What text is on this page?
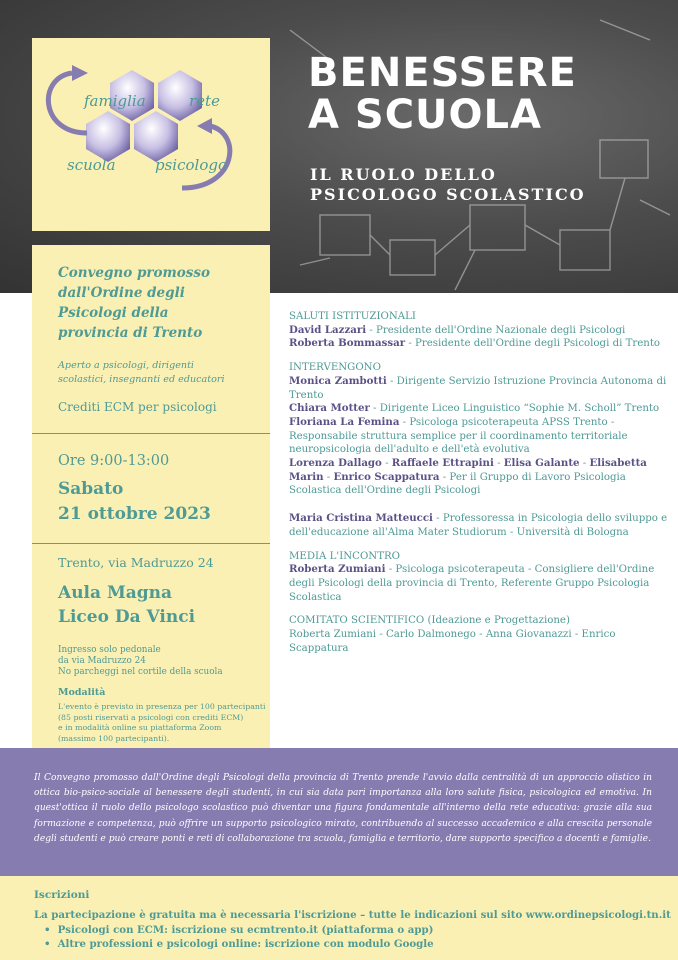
BENESSERE
A SCUOLA
IL RUOLO DELLO
PSICOLOGO SCOLASTICO
famiglia	rete
scuola	psicologo
Convegno promosso
dall'Ordine degli
Psicologi della
provincia di Trento
Aperto a psicologi, dirigenti
scolastici, insegnanti ed educatori
Crediti ECM per psicologi
Ore 9:00-13:00
Sabato
21 ottobre 2023
Trento, via Madruzzo 24
Aula Magna
Liceo Da Vinci
Ingresso solo pedonale
da via Madruzzo 24
No parcheggi nel cortile della scuola
Modalità
L'evento è previsto in presenza per 100 partecipanti
(85 posti riservati a psicologi con crediti ECM)
e in modalità online su piattaforma Zoom
(massimo 100 partecipanti).

SALUTI ISTITUZIONALI

David Lazzari - Presidente dell'Ordine Nazionale degli Psicologi

Roberta Bommassar - Presidente dell'Ordine degli Psicologi di Trento

INTERVENGONO

Monica Zambotti - Dirigente Servizio Istruzione Provincia Autonoma di Trento

Chiara Motter - Dirigente Liceo Linguistico “Sophie M. Scholl” Trento

Floriana La Femina - Psicologa psicoterapeuta APSS Trento - Responsabile struttura semplice per il coordinamento territoriale neuropsicologia dell'adulto e dell'età evolutiva

Lorenza Dallago - Raffaele Ettrapini - Elisa Galante - Elisabetta Marin - Enrico Scappatura - Per il Gruppo di Lavoro Psicologia Scolastica dell'Ordine degli Psicologi

Maria Cristina Matteucci - Professoressa in Psicologia dello sviluppo e dell'educazione all'Alma Mater Studiorum - Università di Bologna

MEDIA L'INCONTRO

Roberta Zumiani - Psicologa psicoterapeuta - Consigliere dell'Ordine degli Psicologi della provincia di Trento, Referente Gruppo Psicologia Scolastica

COMITATO SCIENTIFICO (Ideazione e Progettazione)

Roberta Zumiani - Carlo Dalmonego - Anna Giovanazzi - Enrico Scappatura

Il Convegno promosso dall'Ordine degli Psicologi della provincia di Trento prende l'avvio dalla centralità di un approccio olistico in ottica bio-psico-sociale al benessere degli studenti, in cui sia data pari importanza alla loro salute fisica, psicologica ed emotiva. In quest'ottica il ruolo dello psicologo scolastico può diventar una figura fondamentale all'interno della rete educativa: grazie alla sua formazione e competenza, può offrire un supporto psicologico mirato, contribuendo al successo accademico e alla crescita personale degli studenti e può creare ponti e reti di collaborazione tra scuola, famiglia e territorio, dare supporto specifico a docenti e famiglie.
Iscrizioni
La partecipazione è gratuita ma è necessaria l'iscrizione – tutte le indicazioni sul sito www.ordinepsicologi.tn.it
•  Psicologi con ECM: iscrizione su ecmtrento.it (piattaforma o app)
•  Altre professioni e psicologi online: iscrizione con modulo Google
